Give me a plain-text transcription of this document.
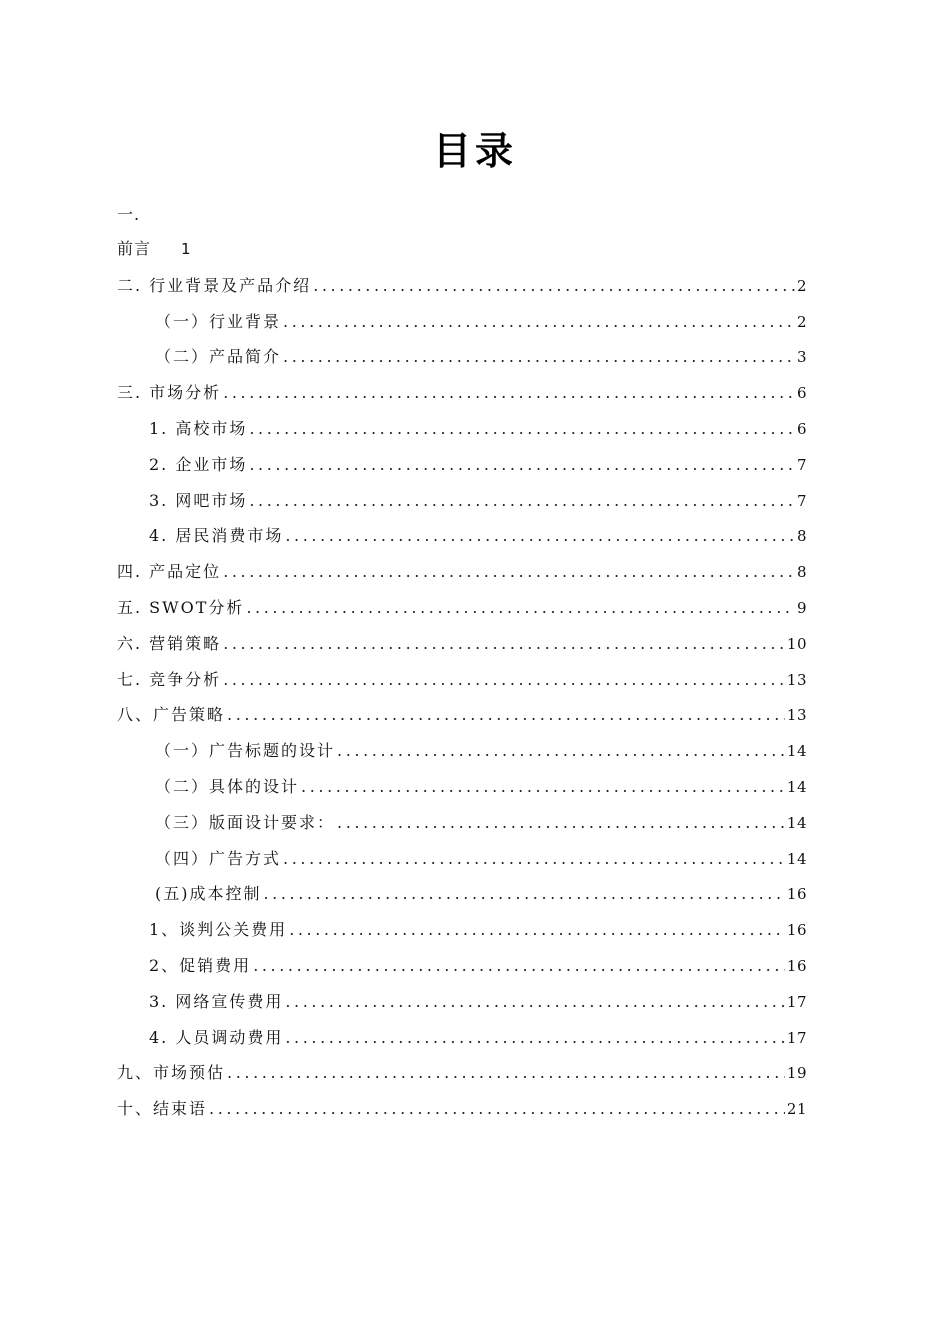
目录
一.
前言 1
二. 行业背景及产品介绍 .....	2
（一）行业背景 .....	2
（二）产品简介 .....	3
三. 市场分析 .....	6
1. 高校市场 .....	6
2. 企业市场 .....	7
3. 网吧市场 .....	7
4. 居民消费市场 .....	8
四. 产品定位 .....	8
五. SWOT分析 .....	9
六. 营销策略 .....	10
七. 竞争分析 .....	13
八、广告策略 .....	13
（一）广告标题的设计 .....	14
（二）具体的设计 .....	14
（三）版面设计要求： .....	14
（四）广告方式 .....	14
(五)成本控制 .....	16
1、谈判公关费用 .....	16
2、促销费用 .....	16
3. 网络宣传费用 .....	17
4. 人员调动费用 .....	17
九、市场预估 .....	19
十、结束语 .....	21
